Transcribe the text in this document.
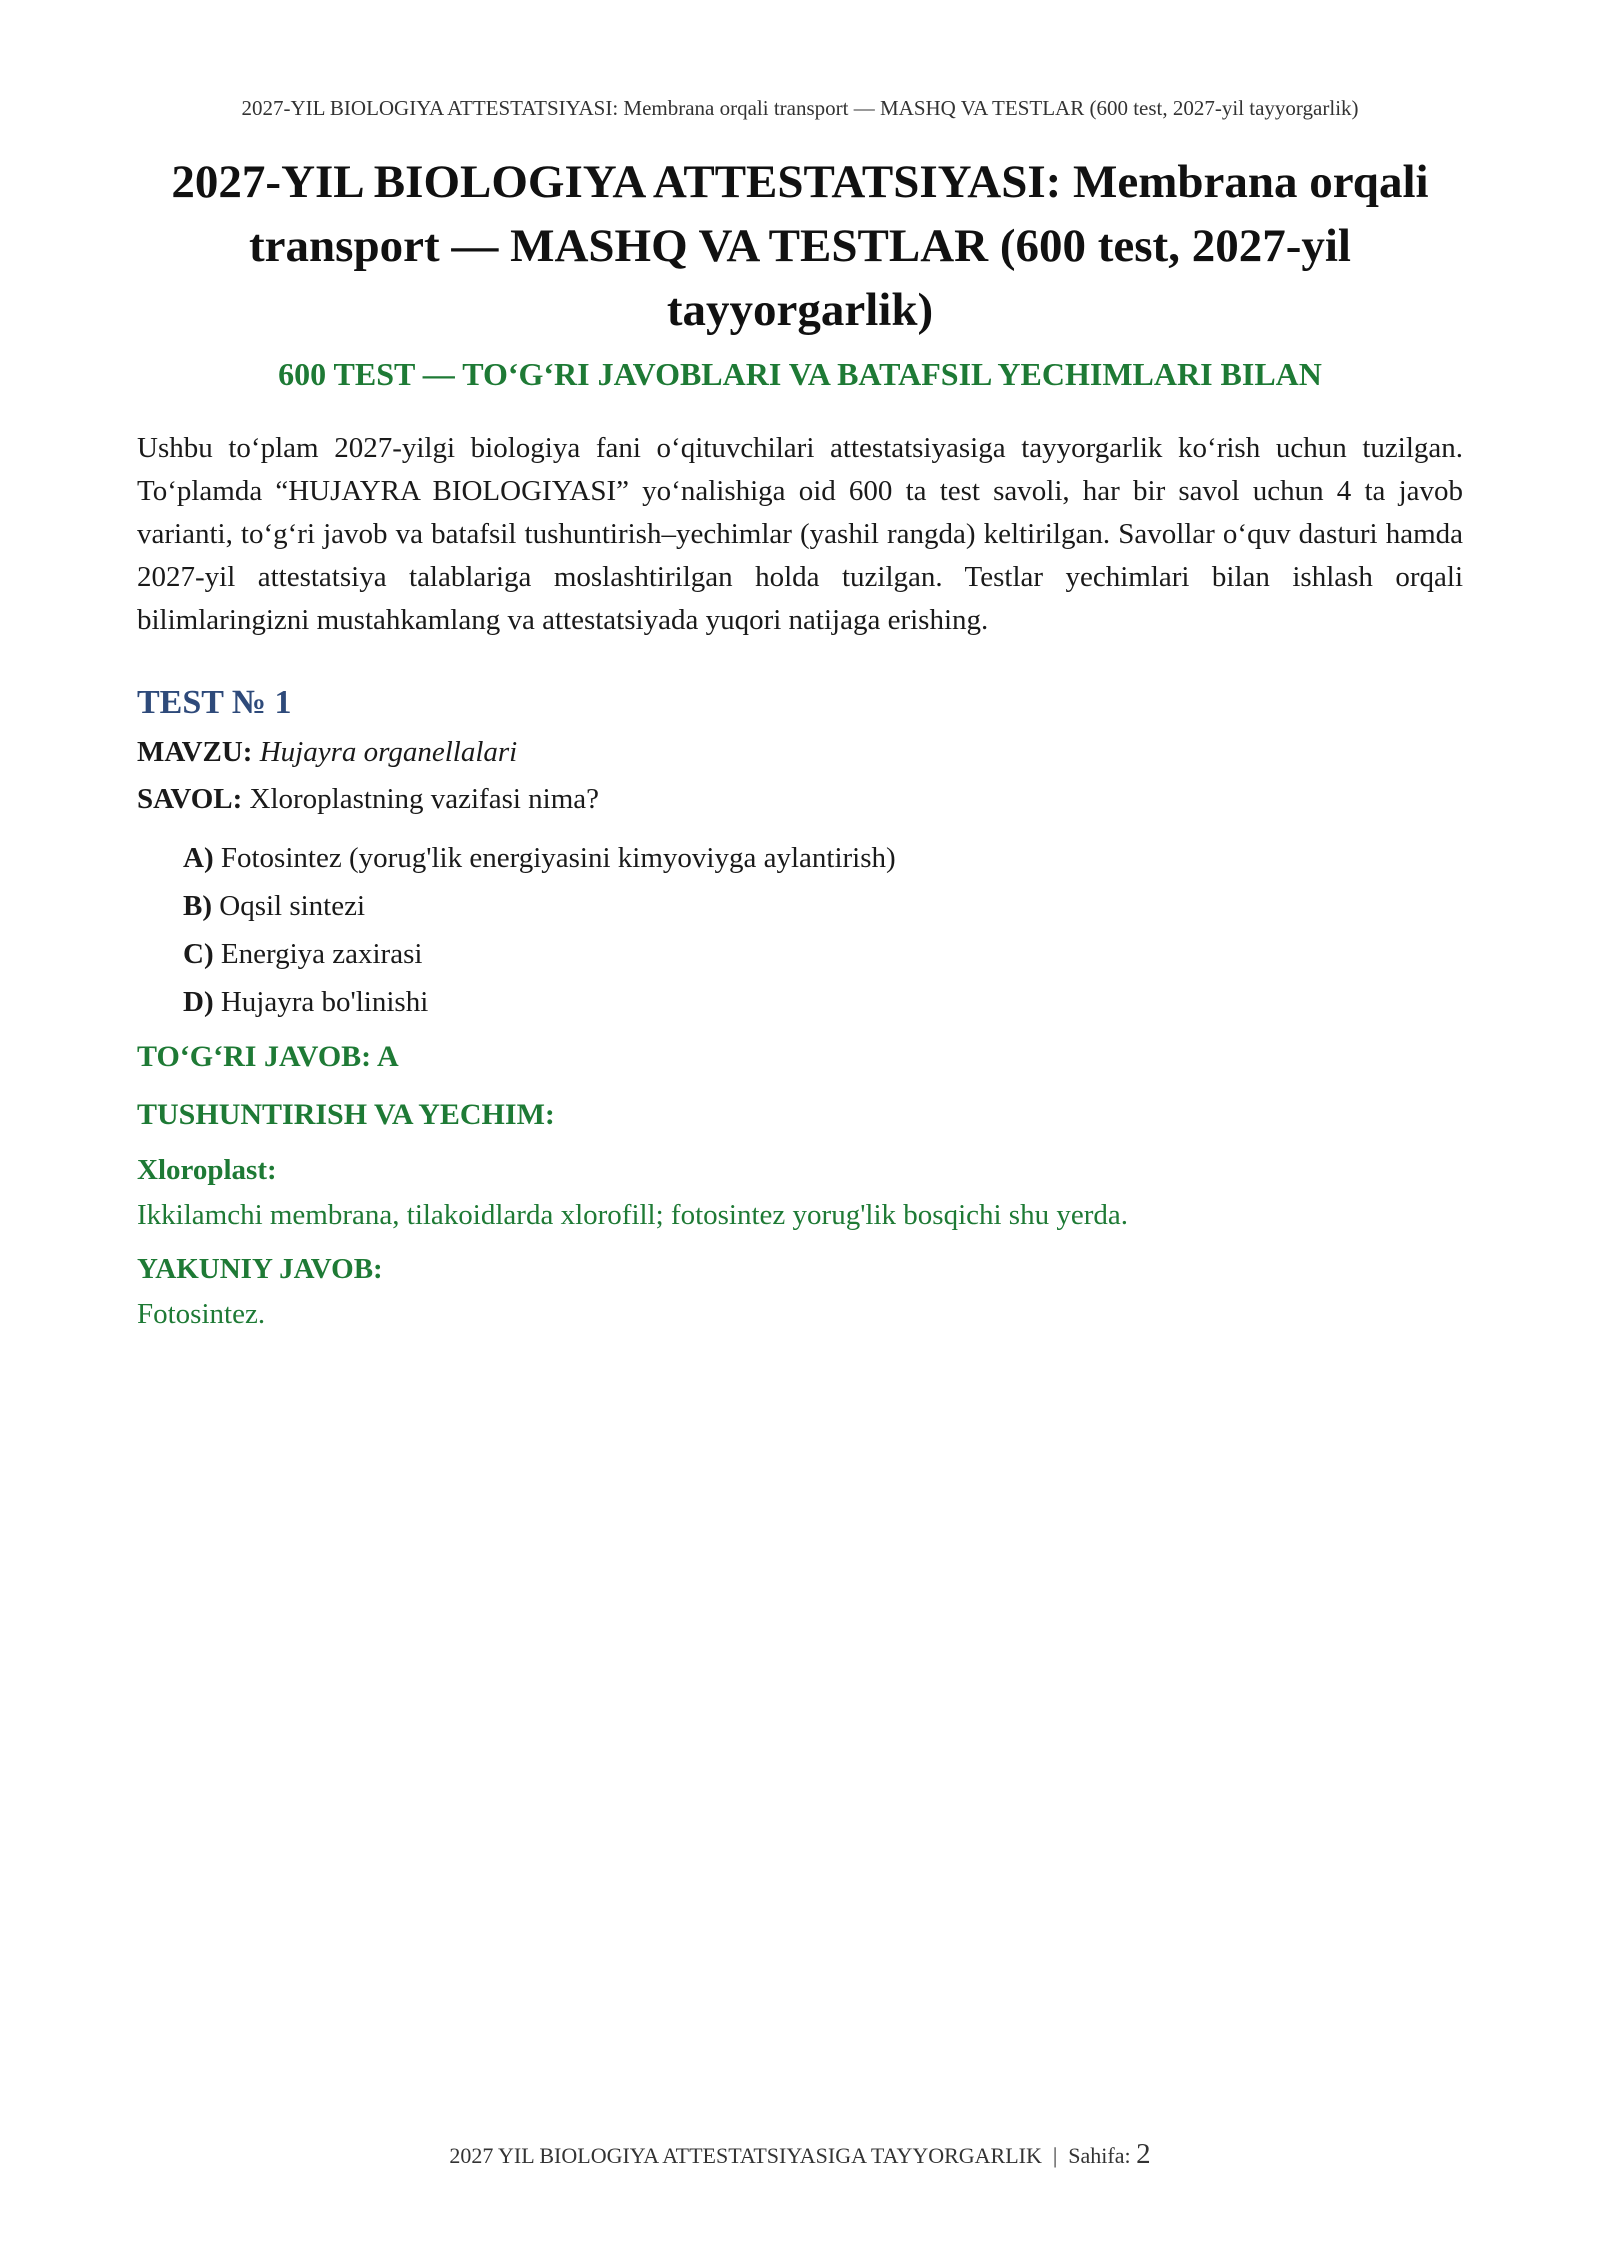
2027-YIL BIOLOGIYA ATTESTATSIYASI: Membrana orqali transport — MASHQ VA TESTLAR (600 test, 2027-yil tayyorgarlik)
2027-YIL BIOLOGIYA ATTESTATSIYASI: Membrana orqali transport — MASHQ VA TESTLAR (600 test, 2027-yil tayyorgarlik)
600 TEST — TO‘G‘RI JAVOBLARI VA BATAFSIL YECHIMLARI BILAN

Ushbu to‘plam 2027-yilgi biologiya fani o‘qituvchilari attestatsiyasiga tayyorgarlik ko‘rish uchun tuzilgan. To‘plamda “HUJAYRA BIOLOGIYASI” yo‘nalishiga oid 600 ta test savoli, har bir savol uchun 4 ta javob varianti, to‘g‘ri javob va batafsil tushuntirish–yechimlar (yashil rangda) keltirilgan. Savollar o‘quv dasturi hamda 2027-yil attestatsiya talablariga moslashtirilgan holda tuzilgan. Testlar yechimlari bilan ishlash orqali bilimlaringizni mustahkamlang va attestatsiyada yuqori natijaga erishing.

TEST № 1
MAVZU: Hujayra organellalari
SAVOL: Xloroplastning vazifasi nima?
A) Fotosintez (yorug'lik energiyasini kimyoviyga aylantirish)
B) Oqsil sintezi
C) Energiya zaxirasi
D) Hujayra bo'linishi
TO‘G‘RI JAVOB: A
TUSHUNTIRISH VA YECHIM:
Xloroplast:

Ikkilamchi membrana, tilakoidlarda xlorofill; fotosintez yorug'lik bosqichi shu yerda.

YAKUNIY JAVOB:

Fotosintez.

2027 YIL BIOLOGIYA ATTESTATSIYASIGA TAYYORGARLIK | Sahifa: 2
